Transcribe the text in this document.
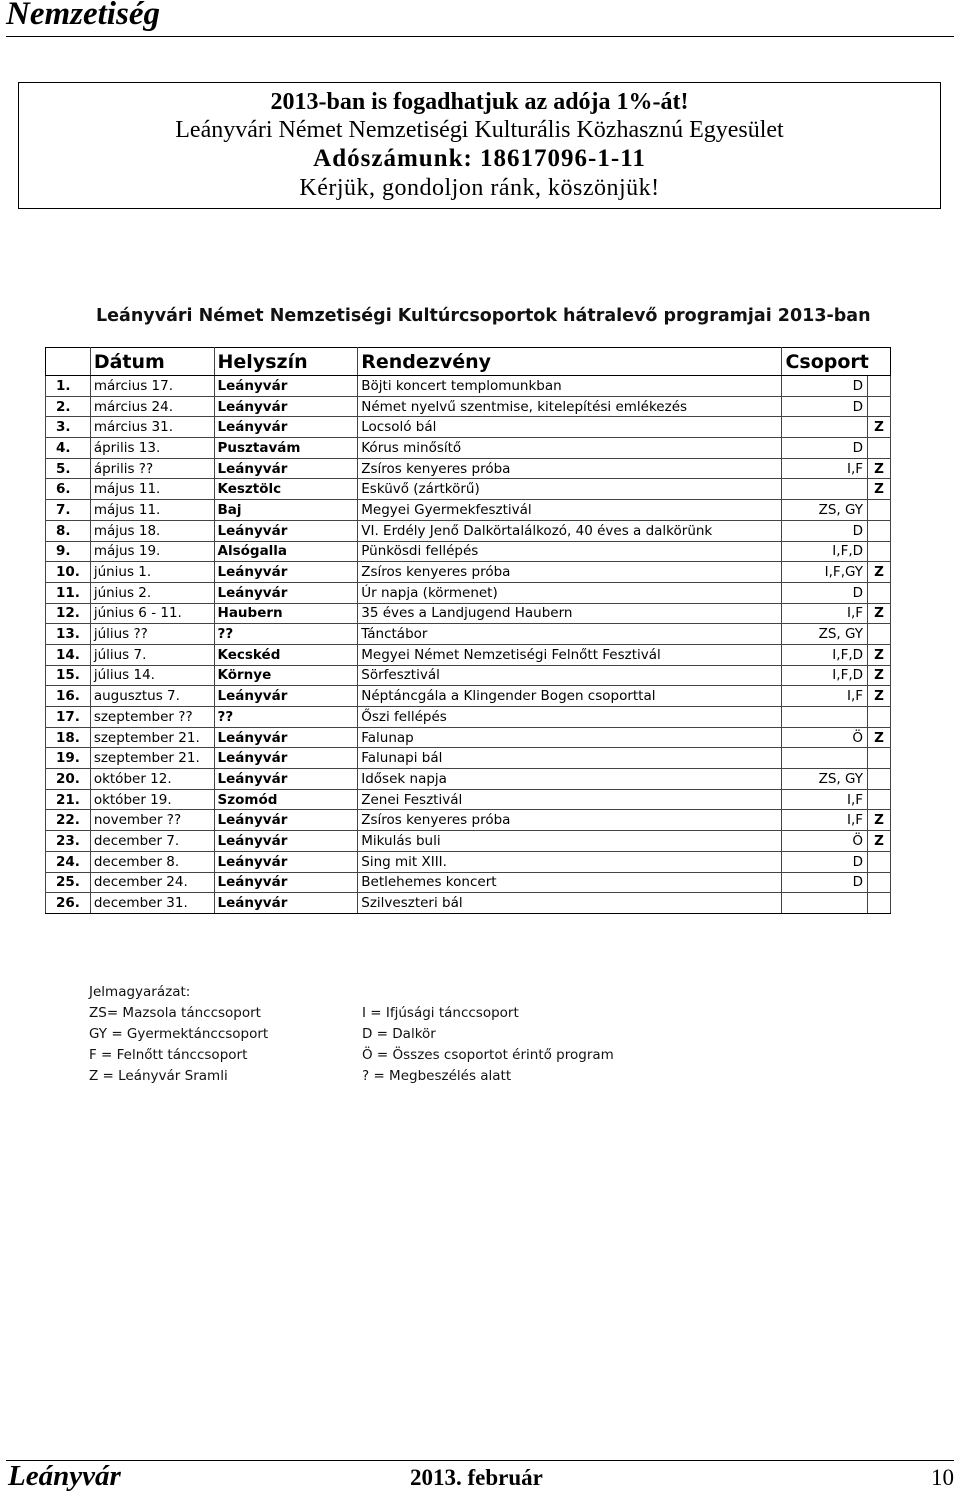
Nemzetiség
2013-ban is fogadhatjuk az adója 1%-át!
Leányvári Német Nemzetiségi Kulturális Közhasznú Egyesület
Adószámunk: 18617096-1-11
Kérjük, gondoljon ránk, köszönjük!
Leányvári Német Nemzetiségi Kultúrcsoportok hátralevő programjai 2013-ban
	Dátum	Helyszín	Rendezvény	Csoport	
1.	március 17.	Leányvár	Böjti koncert templomunkban	D	
2.	március 24.	Leányvár	Német nyelvű szentmise, kitelepítési emlékezés	D	
3.	március 31.	Leányvár	Locsoló bál		Z
4.	április 13.	Pusztavám	Kórus minősítő	D	
5.	április ??	Leányvár	Zsíros kenyeres próba	I,F	Z
6.	május 11.	Kesztölc	Esküvő (zártkörű)		Z
7.	május 11.	Baj	Megyei Gyermekfesztivál	ZS, GY	
8.	május 18.	Leányvár	VI. Erdély Jenő Dalkörtalálkozó, 40 éves a dalkörünk	D	
9.	május 19.	Alsógalla	Pünkösdi fellépés	I,F,D	
10.	június 1.	Leányvár	Zsíros kenyeres próba	I,F,GY	Z
11.	június 2.	Leányvár	Úr napja (körmenet)	D	
12.	június 6 - 11.	Haubern	35 éves a Landjugend Haubern	I,F	Z
13.	július ??	??	Tánctábor	ZS, GY	
14.	július 7.	Kecskéd	Megyei Német Nemzetiségi Felnőtt Fesztivál	I,F,D	Z
15.	július 14.	Környe	Sörfesztivál	I,F,D	Z
16.	augusztus 7.	Leányvár	Néptáncgála a Klingender Bogen csoporttal	I,F	Z
17.	szeptember ??	??	Őszi fellépés		
18.	szeptember 21.	Leányvár	Falunap	Ö	Z
19.	szeptember 21.	Leányvár	Falunapi bál		
20.	október 12.	Leányvár	Idősek napja	ZS, GY	
21.	október 19.	Szomód	Zenei Fesztivál	I,F	
22.	november ??	Leányvár	Zsíros kenyeres próba	I,F	Z
23.	december 7.	Leányvár	Mikulás buli	Ö	Z
24.	december 8.	Leányvár	Sing mit XIII.	D	
25.	december 24.	Leányvár	Betlehemes koncert	D	
26.	december 31.	Leányvár	Szilveszteri bál		
Jelmagyarázat:
ZS= Mazsola tánccsoport
GY = Gyermektánccsoport
F = Felnőtt tánccsoport
Z = Leányvár Sramli
I = Ifjúsági tánccsoport
D = Dalkör
Ö = Összes csoportot érintő program
? = Megbeszélés alatt
Leányvár	2013. február	10
